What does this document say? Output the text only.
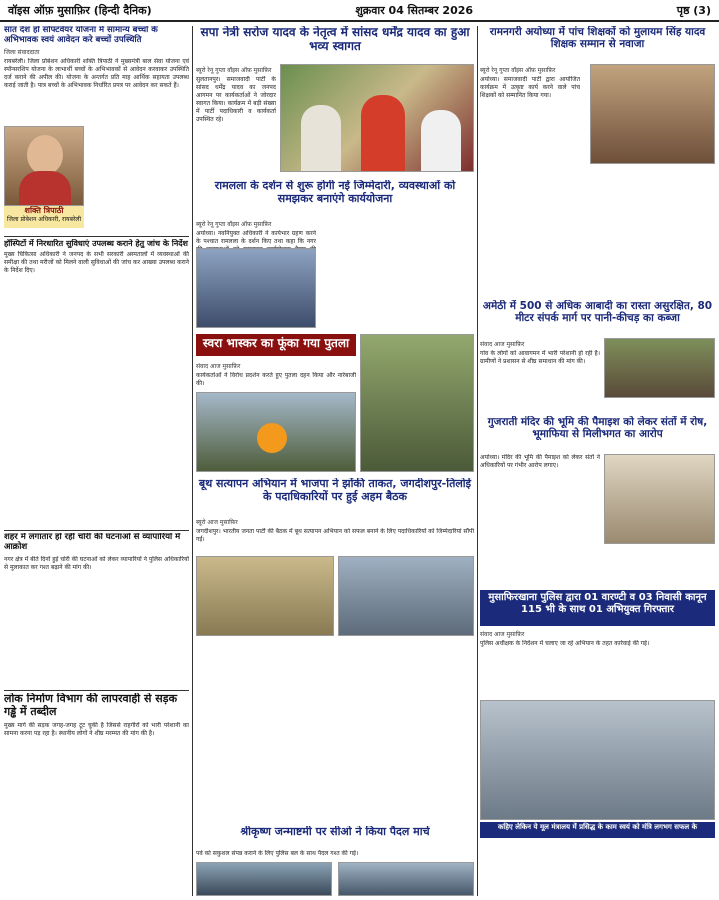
वॉइस ऑफ़ मुसाफ़िर (हिन्दी दैनिक)	शुक्रवार 04 सितम्बर 2026	पृष्ठ (3)
सात देश हो सोफ्टवेयर योजना में सामान्य बच्चों के अभिभावक स्वयं आवेदन करे बच्चों उपस्थिति
जिला संवाददाता
रायबरेली। जिला प्रोबेशन अधिकारी शक्ति त्रिपाठी ने मुख्यमंत्री बाल सेवा योजना एवं स्पॉन्सरशिप योजना के लाभार्थी बच्चों के अभिभावकों से आवेदन करवाकर उपस्थिति दर्ज कराने की अपील की। योजना के अन्तर्गत प्रति माह आर्थिक सहायता उपलब्ध कराई जाती है। पात्र बच्चों के अभिभावक निर्धारित प्रपत्र पर आवेदन कर सकते हैं।
शक्ति त्रिपाठी
जिला प्रोबेशन अधिकारी, रायबरेली
हॉस्पिटों में निरधारित सुविधाएं उपलब्ध कराने हेतु जांच के निर्देश
मुख्य चिकित्सा अधिकारी ने जनपद के सभी सरकारी अस्पतालों में व्यवस्थाओं की समीक्षा की तथा मरीजों को मिलने वाली सुविधाओं की जांच कर आख्या उपलब्ध कराने के निर्देश दिए।
शहर में लगातार हो रही चोरी की घटनाओं से व्यापारियों में आक्रोश
नगर क्षेत्र में बीते दिनों हुई चोरी की घटनाओं को लेकर व्यापारियों ने पुलिस अधिकारियों से मुलाकात कर गश्त बढ़ाने की मांग की।
लोक निर्माण विभाग की लापरवाही से सड़क गड्ढे में तब्दील
मुख्य मार्ग की सड़क जगह-जगह टूट चुकी है जिससे राहगीरों को भारी परेशानी का सामना करना पड़ रहा है। स्थानीय लोगों ने शीघ्र मरम्मत की मांग की है।
सपा नेत्री सरोज यादव के नेतृत्व में सांसद धर्मेंद्र यादव का हुआ भव्य स्वागत
ब्यूरो रेनू गुप्ता वॉइस ऑफ़ मुसाफ़िर
सुलतानपुर। समाजवादी पार्टी के सांसद धर्मेंद्र यादव का जनपद आगमन पर कार्यकर्ताओं ने जोरदार स्वागत किया। कार्यक्रम में बड़ी संख्या में पार्टी पदाधिकारी व कार्यकर्ता उपस्थित रहे।
रामलला के दर्शन से शुरू होगी नई जिम्मेदारी, व्यवस्थाओं को समझकर बनाएंगे कार्ययोजना
ब्यूरो रेनू गुप्ता वॉइस ऑफ़ मुसाफ़िर
अयोध्या। नवनियुक्त अधिकारी ने कार्यभार ग्रहण करने के पश्चात रामलला के दर्शन किए तथा कहा कि नगर
स्वरा भास्कर का फूंका गया पुतला
संवाद आज मुसाफ़िर
कार्यकर्ताओं ने विरोध प्रदर्शन करते हुए पुतला दहन किया और नारेबाजी की।
बूथ सत्यापन अभियान में भाजपा ने झोंकी ताकत, जगदीशपुर-तिलोई के पदाधिकारियों पर हुई अहम बैठक
ब्यूरो आज मुसाफ़िर
जगदीशपुर। भारतीय जनता पार्टी की बैठक में बूथ सत्यापन अभियान को सफल बनाने के लिए पदाधिकारियों को जिम्मेदारियां सौंपी गईं।
श्रीकृष्ण जन्माष्टमी पर सीओ ने किया पैदल मार्च
पर्व को सकुशल संपन्न कराने के लिए पुलिस बल के साथ पैदल गश्त की गई।
रामनगरी अयोध्या में पांच शिक्षकों को मुलायम सिंह यादव शिक्षक सम्मान से नवाजा
ब्यूरो रेनू गुप्ता वॉइस ऑफ़ मुसाफ़िर
अयोध्या। समाजवादी पार्टी द्वारा आयोजित कार्यक्रम में उत्कृष्ट कार्य करने वाले पांच शिक्षकों को सम्मानित किया गया।
अमेठी में 500 से अधिक आबादी का रास्ता असुरक्षित, 80 मीटर संपर्क मार्ग पर पानी-कीचड़ का कब्जा
संवाद आज मुसाफ़िर
गांव के लोगों को आवागमन में भारी परेशानी हो रही है। ग्रामीणों ने प्रशासन से शीघ्र समाधान की मांग की।
गुजराती मंदिर की भूमि की पैमाइश को लेकर संतों में रोष, भूमाफिया से मिलीभगत का आरोप
अयोध्या। मंदिर की भूमि की पैमाइश को लेकर संतों ने अधिकारियों पर गंभीर आरोप लगाए।
मुसाफिरखाना पुलिस द्वारा 01 वारण्टी व 03 निवासी कानून 115 भी के साथ 01 अभियुक्त गिरफ्तार
संवाद आज मुसाफ़िर
पुलिस अधीक्षक के निर्देशन में चलाए जा रहे अभियान के तहत कार्रवाई की गई।
कहिए लेकिन ये मूल मंत्रालय में प्रसिद्ध के काम स्वयं को मंत्रि लगभग सफल के
